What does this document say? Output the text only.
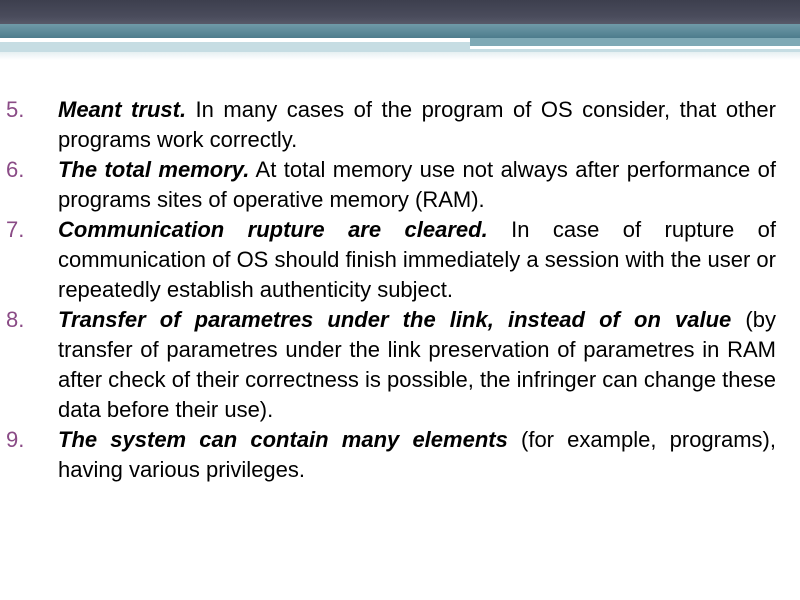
5. Meant trust. In many cases of the program of OS consider, that other programs work correctly.
6. The total memory. At total memory use not always after performance of programs sites of operative memory (RAM).
7. Communication rupture are cleared. In case of rupture of communication of OS should finish immediately a session with the user or repeatedly establish authenticity subject.
8. Transfer of parametres under the link, instead of on value (by transfer of parametres under the link preservation of parametres in RAM after check of their correctness is possible, the infringer can change these data before their use).
9. The system can contain many elements (for example, programs), having various privileges.
